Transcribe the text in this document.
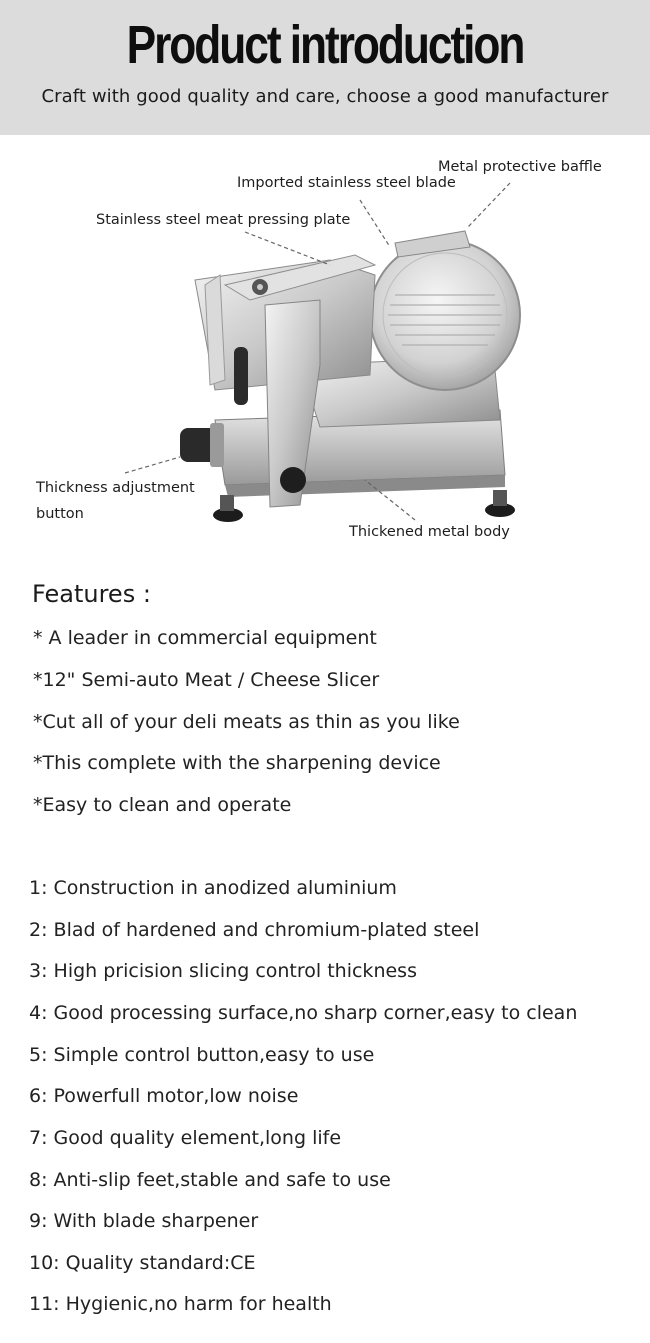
Product introduction
Craft with good quality and care, choose a good manufacturer
Metal protective baffle
Imported stainless steel blade
Stainless steel meat pressing plate
Thickness adjustment
button
Thickened metal body
Features :
* A leader in commercial equipment
*12" Semi-auto Meat / Cheese Slicer
*Cut all of your deli meats as thin as you like
*This complete with the sharpening device
*Easy to clean and operate
1: Construction in anodized aluminium
2: Blad of hardened and chromium-plated steel
3: High pricision slicing control thickness
4: Good processing surface,no sharp corner,easy to clean
5: Simple control button,easy to use
6: Powerfull motor,low noise
7: Good quality element,long life
8: Anti-slip feet,stable and safe to use
9: With blade sharpener
10: Quality standard:CE
11: Hygienic,no harm for health
